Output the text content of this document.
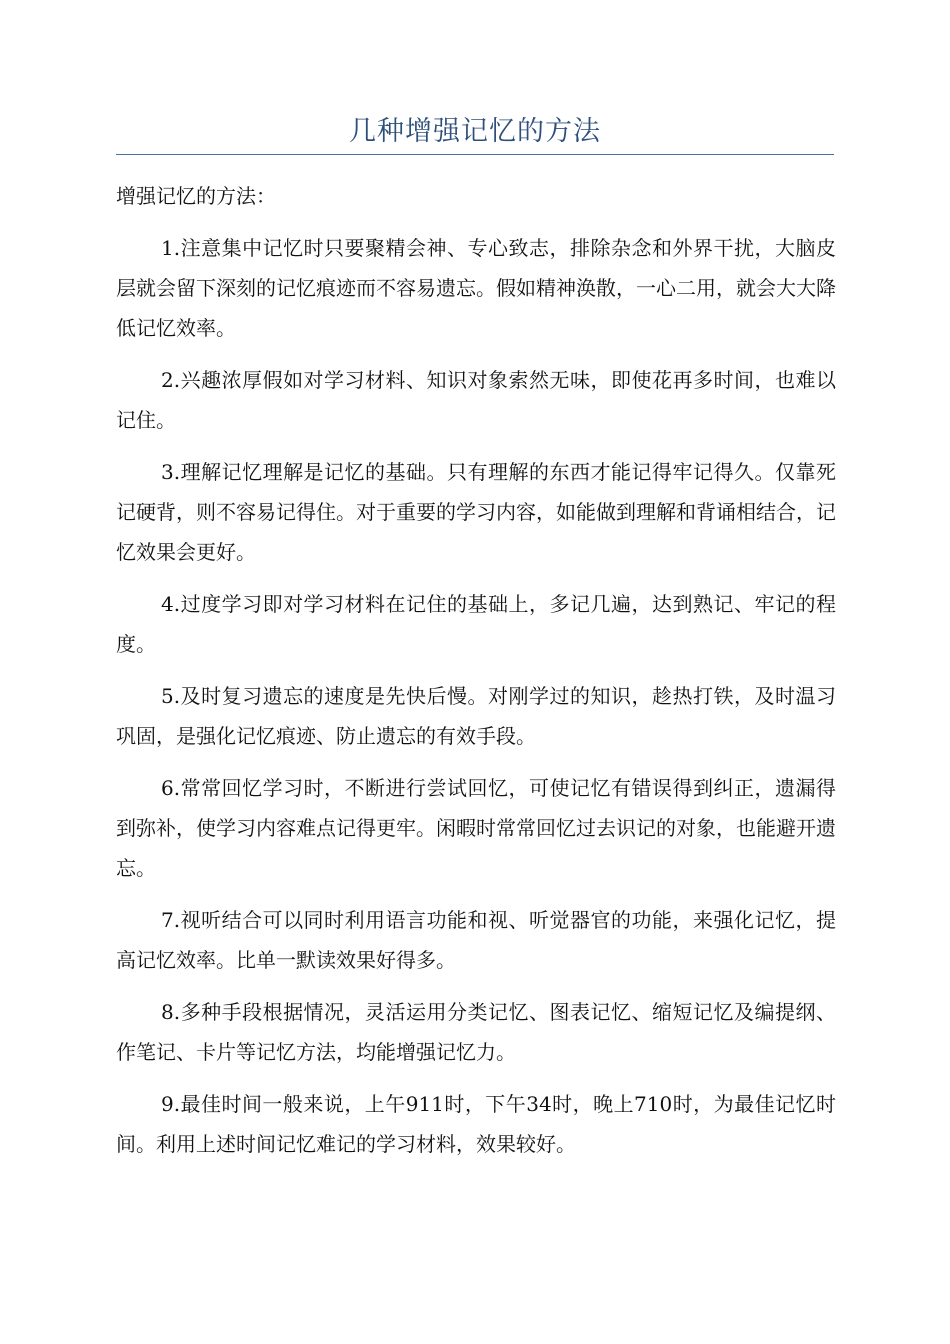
几种增强记忆的方法

增强记忆的方法：

1.注意集中记忆时只要聚精会神、专心致志，排除杂念和外界干扰，大脑皮层就会留下深刻的记忆痕迹而不容易遗忘。假如精神涣散，一心二用，就会大大降低记忆效率。

2.兴趣浓厚假如对学习材料、知识对象索然无味，即使花再多时间，也难以记住。

3.理解记忆理解是记忆的基础。只有理解的东西才能记得牢记得久。仅靠死记硬背，则不容易记得住。对于重要的学习内容，如能做到理解和背诵相结合，记忆效果会更好。

4.过度学习即对学习材料在记住的基础上，多记几遍，达到熟记、牢记的程度。

5.及时复习遗忘的速度是先快后慢。对刚学过的知识，趁热打铁，及时温习巩固，是强化记忆痕迹、防止遗忘的有效手段。

6.常常回忆学习时，不断进行尝试回忆，可使记忆有错误得到纠正，遗漏得到弥补，使学习内容难点记得更牢。闲暇时常常回忆过去识记的对象，也能避开遗忘。

7.视听结合可以同时利用语言功能和视、听觉器官的功能，来强化记忆，提高记忆效率。比单一默读效果好得多。

8.多种手段根据情况，灵活运用分类记忆、图表记忆、缩短记忆及编提纲、作笔记、卡片等记忆方法，均能增强记忆力。

9.最佳时间一般来说，上午911时，下午34时，晚上710时，为最佳记忆时间。利用上述时间记忆难记的学习材料，效果较好。
